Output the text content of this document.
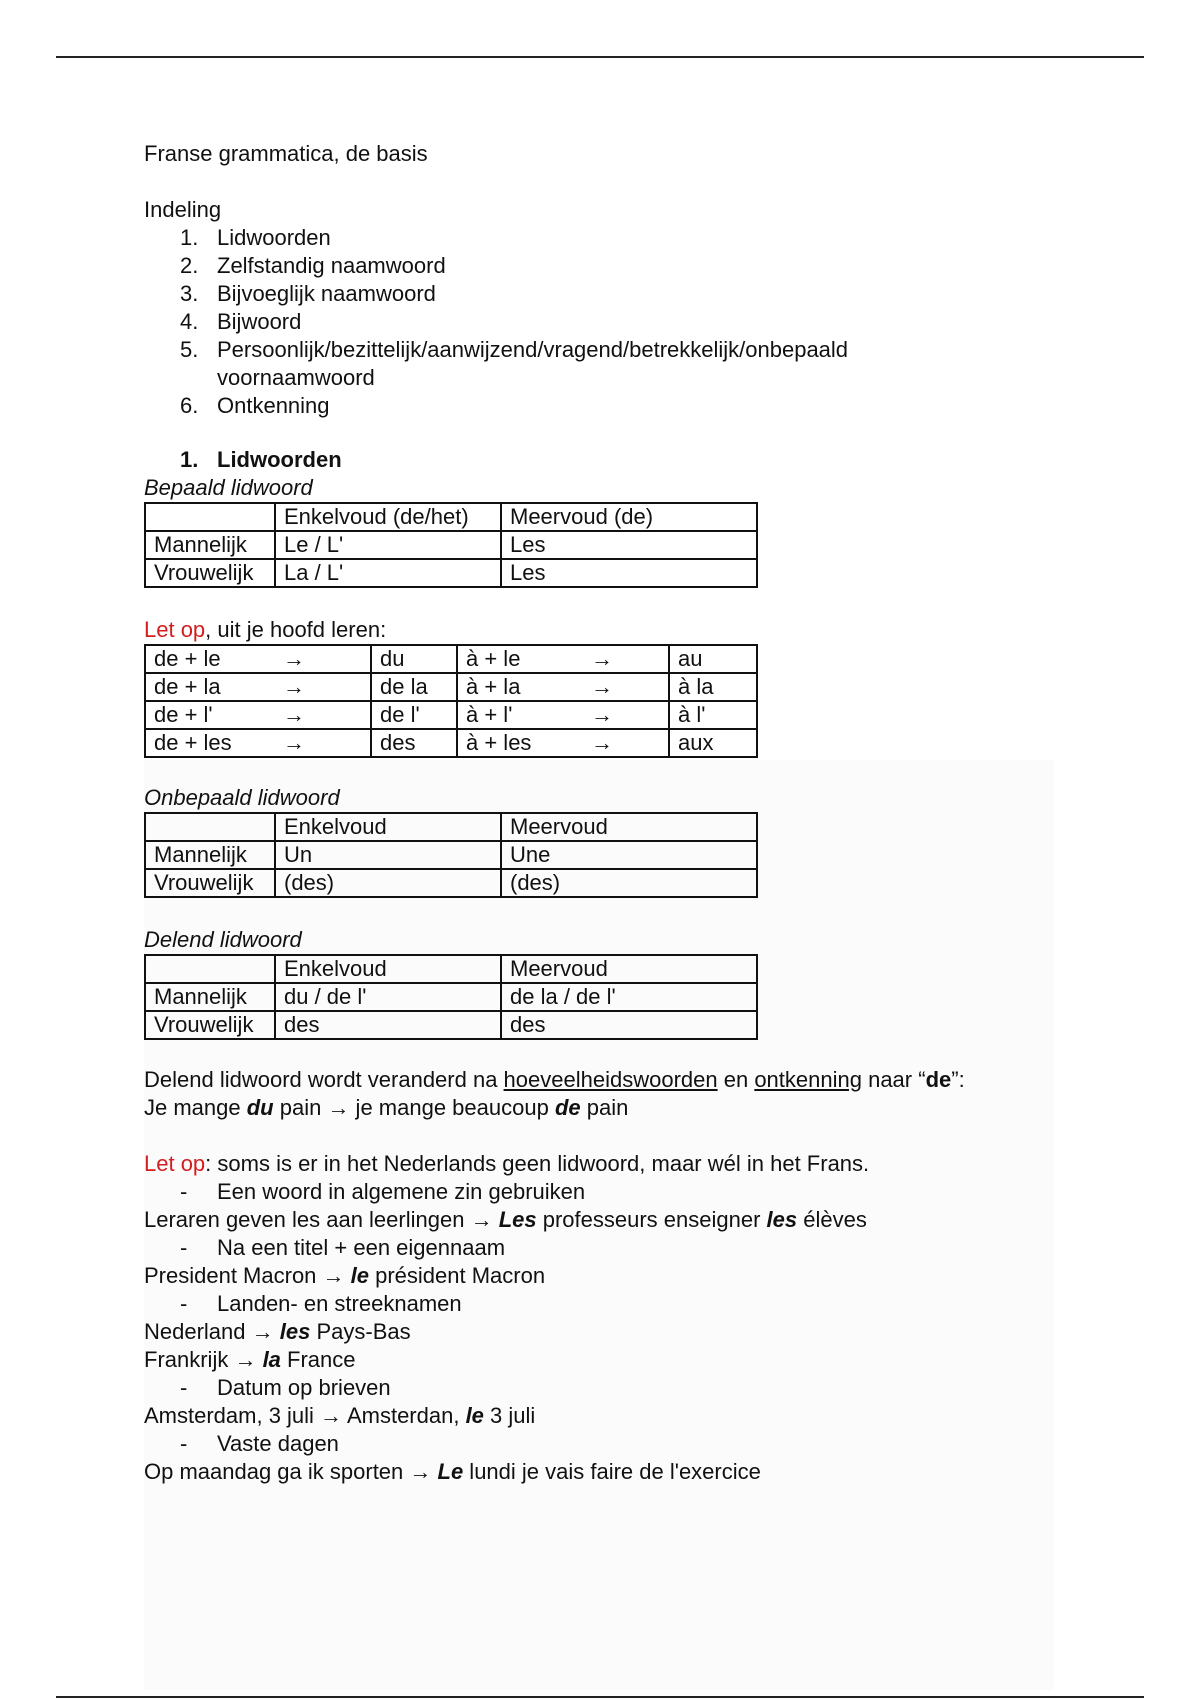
Franse grammatica, de basis

Indeling

1. Lidwoorden
2. Zelfstandig naamwoord
3. Bijvoeglijk naamwoord
4. Bijwoord
5. Persoonlijk/bezittelijk/aanwijzend/vragend/betrekkelijk/onbepaald voornaamwoord
6. Ontkenning

1. Lidwoorden

Bepaald lidwoord

	Enkelvoud (de/het)	Meervoud (de)
Mannelijk	Le / L'	Les
Vrouwelijk	La / L'	Les

Let op, uit je hoofd leren:

de + le	→	du	à + le	→	au
de + la	→	de la	à + la	→	à la
de + l'	→	de l'	à + l'	→	à l'
de + les	→	des	à + les	→	aux

Onbepaald lidwoord

	Enkelvoud	Meervoud
Mannelijk	Un	Une
Vrouwelijk	(des)	(des)

Delend lidwoord

	Enkelvoud	Meervoud
Mannelijk	du / de l'	de la / de l'
Vrouwelijk	des	des

Delend lidwoord wordt veranderd na hoeveelheidswoorden en ontkenning naar “de”:

Je mange du pain → je mange beaucoup de pain

Let op: soms is er in het Nederlands geen lidwoord, maar wél in het Frans.

- Een woord in algemene zin gebruiken

Leraren geven les aan leerlingen → Les professeurs enseigner les élèves

- Na een titel + een eigennaam

President Macron → le président Macron

- Landen- en streeknamen

Nederland → les Pays-Bas

Frankrijk → la France

- Datum op brieven

Amsterdam, 3 juli → Amsterdan, le 3 juli

- Vaste dagen

Op maandag ga ik sporten → Le lundi je vais faire de l'exercice
